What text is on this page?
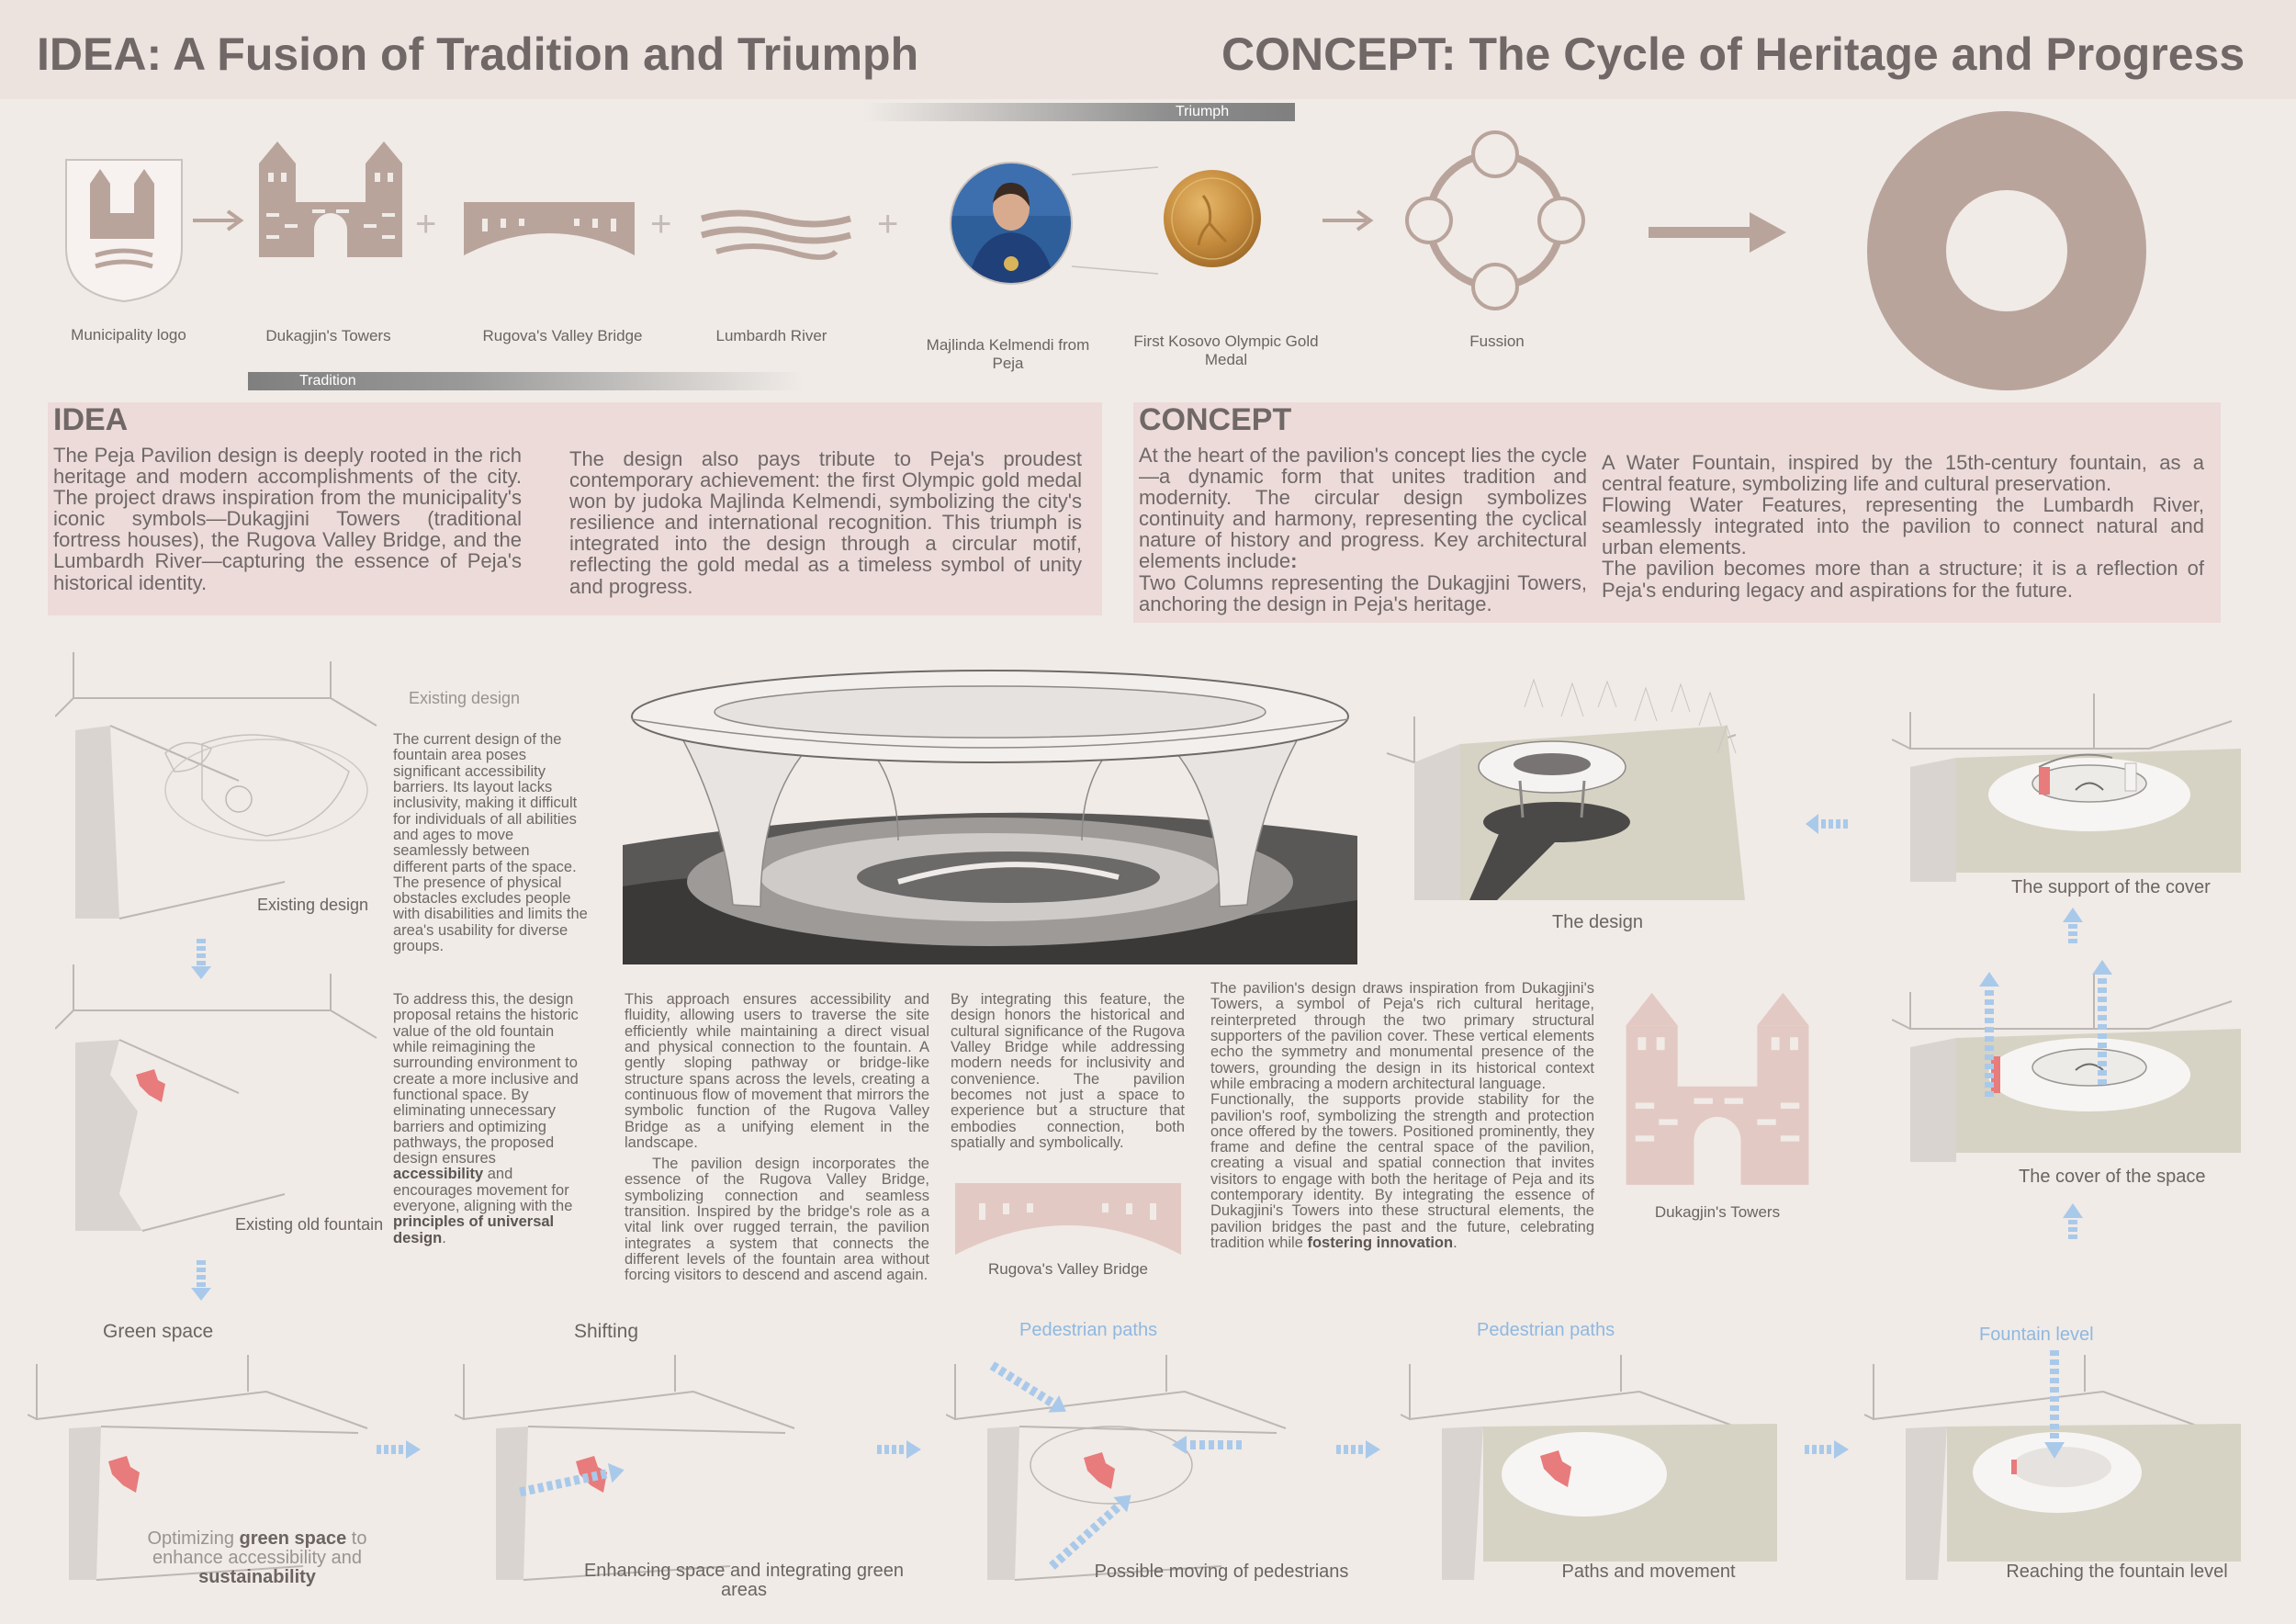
IDEA: A Fusion of Tradition and Triumph	CONCEPT: The Cycle of Heritage and Progress
Triumph
Tradition
+	+	+
Municipality logo	Dukagjin's Towers	Rugova's Valley Bridge	Lumbardh River
Majlinda Kelmendi from Peja
First Kosovo Olympic Gold Medal
Fussion
IDEA
The Peja Pavilion design is deeply rooted in the rich heritage and modern accomplishments of the city. The project draws inspiration from the municipality's iconic symbols—Dukagjini Towers (traditional fortress houses), the Rugova Valley Bridge, and the Lumbardh River—capturing the essence of Peja's historical identity.
The design also pays tribute to Peja's proudest contemporary achievement: the first Olympic gold medal won by judoka Majlinda Kelmendi, symbolizing the city's resilience and international recognition. This triumph is integrated into the design through a circular motif, reflecting the gold medal as a timeless symbol of unity and progress.
CONCEPT
At the heart of the pavilion's concept lies the cycle—a dynamic form that unites tradition and modernity. The circular design symbolizes continuity and harmony, representing the cyclical nature of history and progress. Key architectural elements include:
Two Columns representing the Dukagjini Towers, anchoring the design in Peja's heritage.
A Water Fountain, inspired by the 15th-century fountain, as a central feature, symbolizing life and cultural preservation.
Flowing Water Features, representing the Lumbardh River, seamlessly integrated into the pavilion to connect natural and urban elements.
The pavilion becomes more than a structure; it is a reflection of Peja's enduring legacy and aspirations for the future.
Existing design
Existing old fountain
Existing design
The current design of the fountain area poses significant accessibility barriers. Its layout lacks inclusivity, making it difficult for individuals of all abilities and ages to move seamlessly between different parts of the space. The presence of physical obstacles excludes people with disabilities and limits the area's usability for diverse groups.
To address this, the design proposal retains the historic value of the old fountain while reimagining the surrounding environment to create a more inclusive and functional space. By eliminating unnecessary barriers and optimizing pathways, the proposed design ensures accessibility and encourages movement for everyone, aligning with the principles of universal design.
This approach ensures accessibility and fluidity, allowing users to traverse the site efficiently while maintaining a direct visual and physical connection to the fountain. A gently sloping pathway or bridge-like structure spans across the levels, creating a continuous flow of movement that mirrors the symbolic function of the Rugova Valley Bridge as a unifying element in the landscape.
The pavilion design incorporates the essence of the Rugova Valley Bridge, symbolizing connection and seamless transition. Inspired by the bridge's role as a vital link over rugged terrain, the pavilion integrates a system that connects the different levels of the fountain area without forcing visitors to descend and ascend again.
By integrating this feature, the design honors the historical and cultural significance of the Rugova Valley Bridge while addressing modern needs for inclusivity and convenience. The pavilion becomes not just a space to experience but a structure that embodies connection, both spatially and symbolically.
Rugova's Valley Bridge
The pavilion's design draws inspiration from Dukagjini's Towers, a symbol of Peja's rich cultural heritage, reinterpreted through the two primary structural supporters of the pavilion cover. These vertical elements echo the symmetry and monumental presence of the towers, grounding the design in its historical context while embracing a modern architectural language.
Functionally, the supports provide stability for the pavilion's roof, symbolizing the strength and protection once offered by the towers. Positioned prominently, they frame and define the central space of the pavilion, creating a visual and spatial connection that invites visitors to engage with both the heritage of Peja and its contemporary identity. By integrating the essence of Dukagjini's Towers into these structural elements, the pavilion bridges the past and the future, celebrating tradition while fostering innovation.
Dukagjin's Towers
The design
The support of the cover
The cover of the space
Green space	Shifting	Pedestrian paths	Pedestrian paths	Fountain level
Optimizing green space to enhance accessibility and sustainability	Enhancing space and integrating green areas
Possible moving of pedestrians	Paths and movement	Reaching the fountain level
